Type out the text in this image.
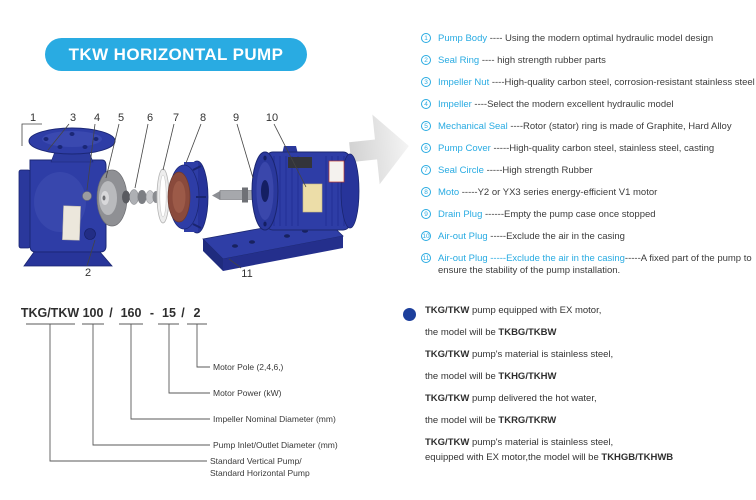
TKW HORIZONTAL PUMP
1	3 4 5 6 7 8 9 10
2	11
1	Pump Body ---- Using the modern optimal hydraulic model design
2	Seal Ring ---- high strength rubber parts
3	Impeller Nut ----High-quality carbon steel, corrosion-resistant stainless steel
4	Impeller ----Select the modern excellent hydraulic model
5	Mechanical Seal ----Rotor (stator) ring is made of Graphite, Hard Alloy
6	Pump Cover -----High-quality carbon steel, stainless steel, casting
7	Seal Circle -----High strength Rubber
8	Moto -----Y2 or YX3 series energy-efficient V1 motor
9	Drain Plug ------Empty the pump case once stopped
10 Air-out Plug -----Exclude the air in the casing
11 Air-out Plug -----Exclude the air in the casing-----A fixed part of the pump to ensure the stability of the pump installation.
TKG/TKW 100 / 160 - 15 / 2
Motor Pole (2,4,6,)
Motor Power (kW)
Impeller Nominal Diameter (mm)
Pump Inlet/Outlet Diameter (mm)
Standard Vertical Pump/
Standard Horizontal Pump
TKG/TKW pump equipped with EX motor,
the model will be TKBG/TKBW
TKG/TKW pump's material is stainless steel,
the model will be TKHG/TKHW
TKG/TKW pump delivered the hot water,
the model will be TKRG/TKRW
TKG/TKW pump's material is stainless steel,
equipped with EX motor,the model will be TKHGB/TKHWB
